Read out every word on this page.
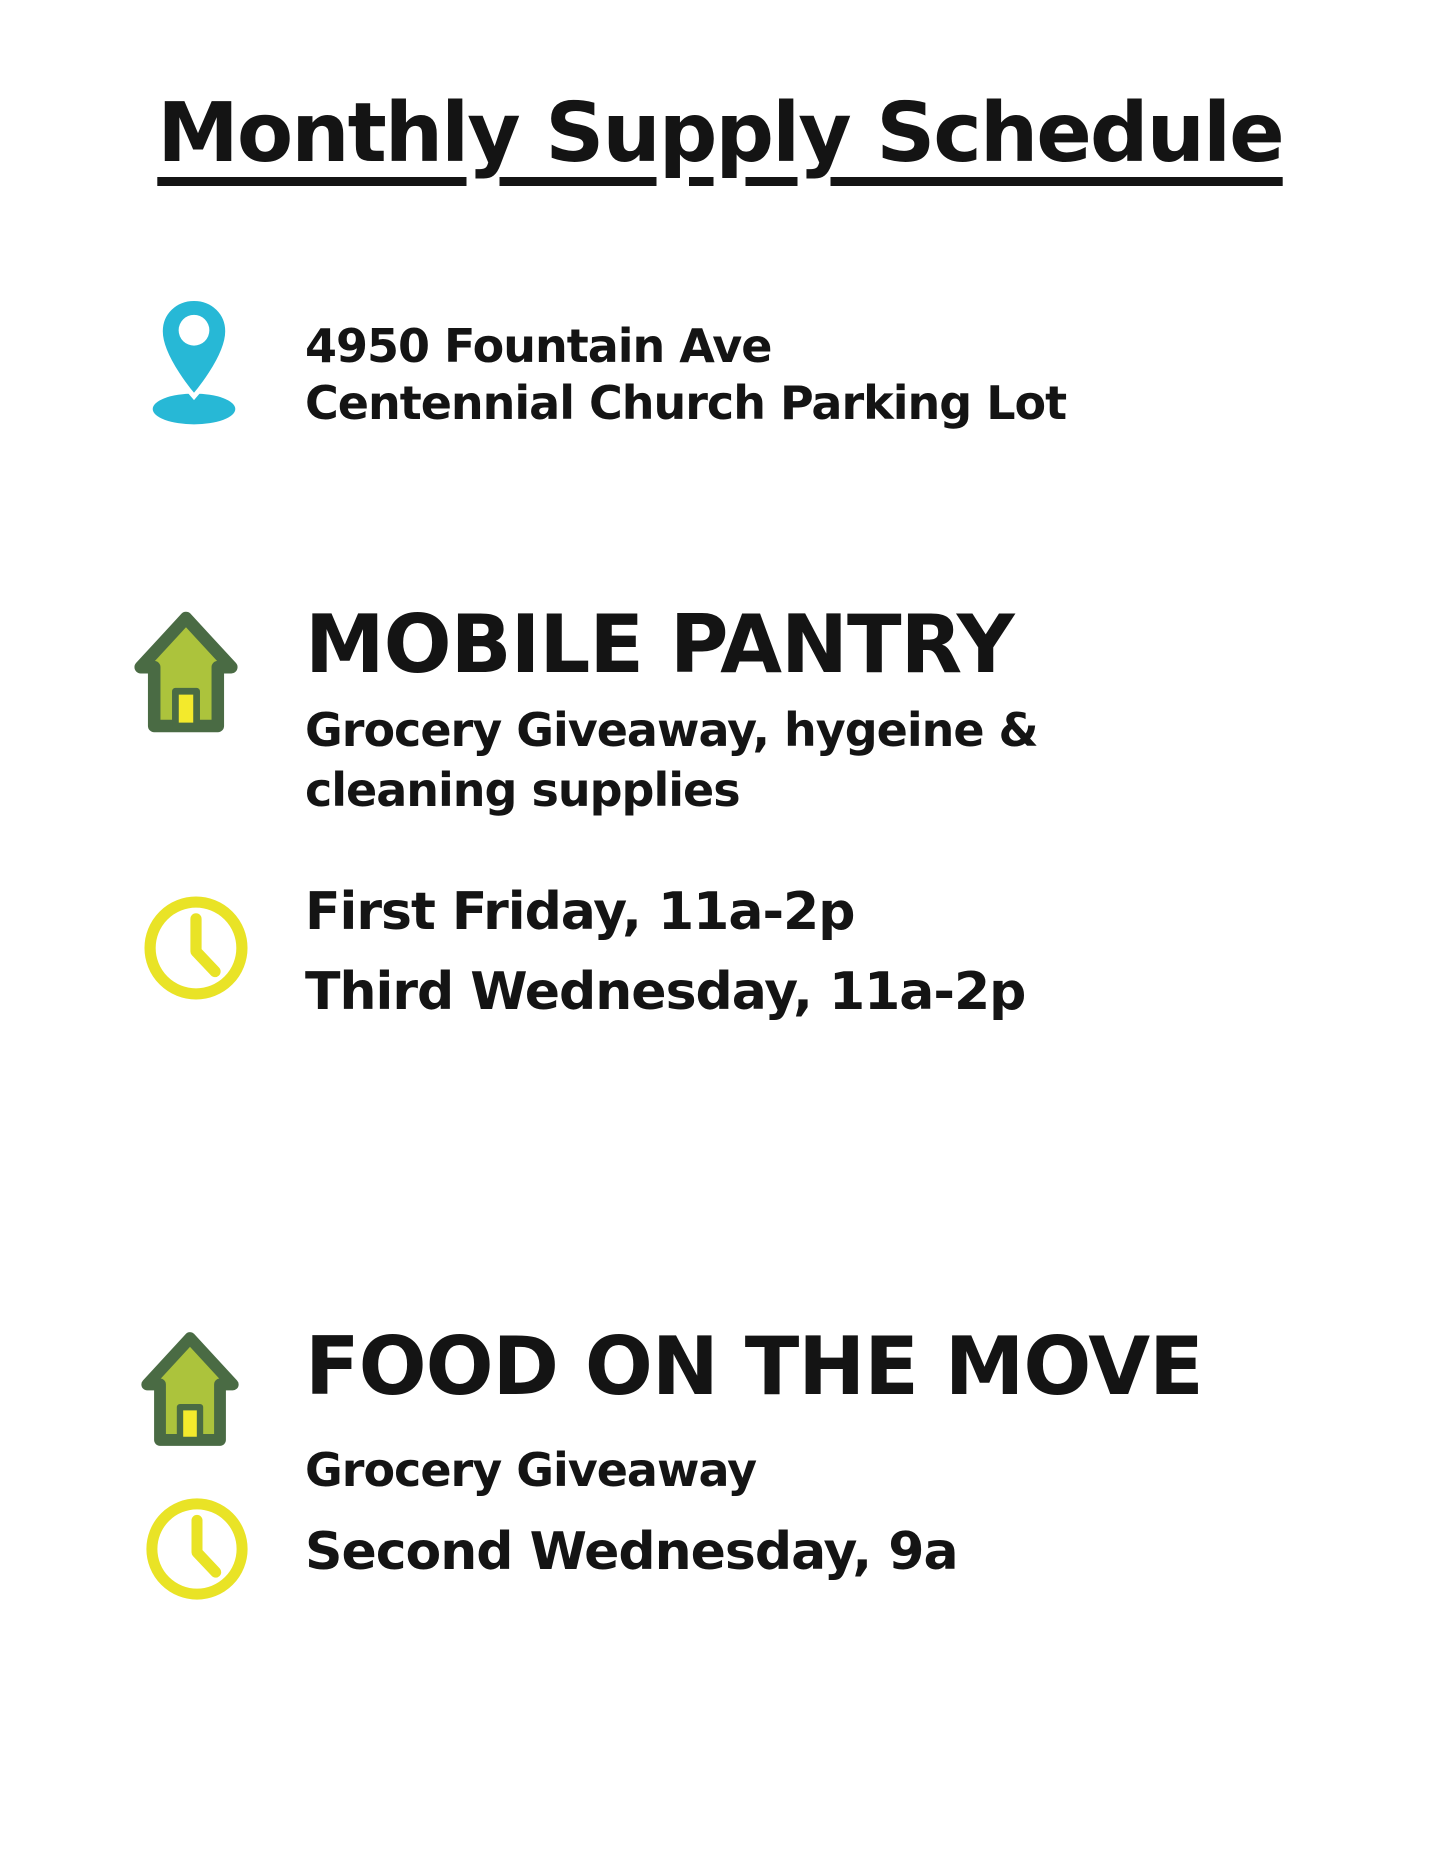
Monthly Supply Schedule
4950 Fountain Ave
Centennial Church Parking Lot
MOBILE PANTRY
Grocery Giveaway, hygeine &
cleaning supplies
First Friday, 11a-2p
Third Wednesday, 11a-2p
FOOD ON THE MOVE
Grocery Giveaway
Second Wednesday, 9a
